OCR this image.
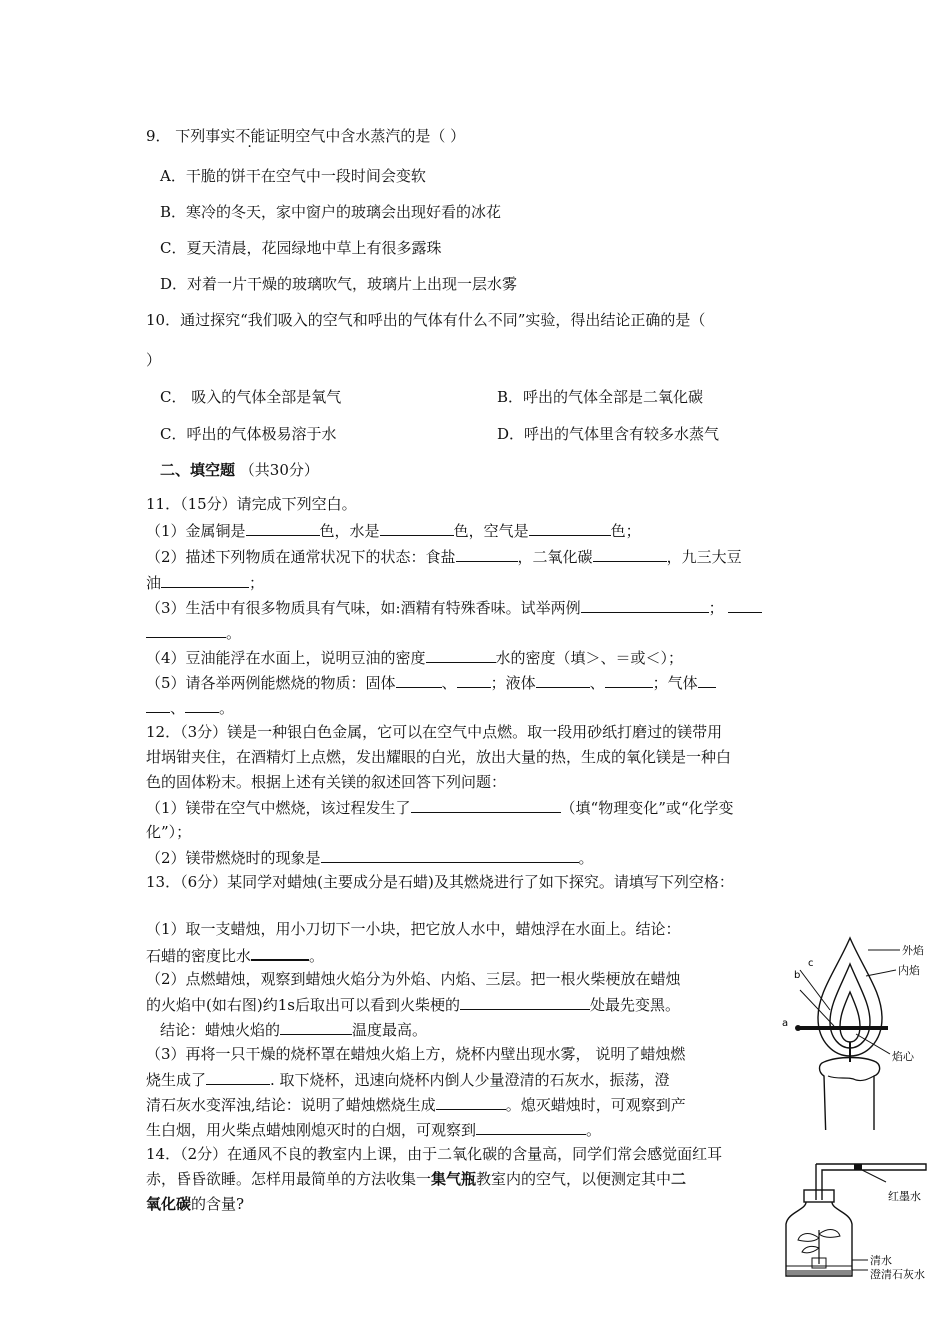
9． 下列事实不能证明空气中含水蒸汽的是（ ）
A．干脆的饼干在空气中一段时间会变软
B．寒冷的冬天，家中窗户的玻璃会出现好看的冰花
C．夏天清晨，花园绿地中草上有很多露珠
D．对着一片干燥的玻璃吹气，玻璃片上出现一层水雾
10．通过探究“我们吸入的空气和呼出的气体有什么不同”实验，得出结论正确的是（
）
C． 吸入的气体全部是氧气	B．呼出的气体全部是二氧化碳
C．呼出的气体极易溶于水	D．呼出的气体里含有较多水蒸气
二、填空题 （共30分）
11．（15分）请完成下列空白。
（1）金属铜是	色，水是	色，空气是	色；
（2）描述下列物质在通常状况下的状态：食盐	，二氧化碳	，九三大豆
油	；
（3）生活中有很多物质具有气味，如:酒精有特殊香味。试举两例	；
。
（4）豆油能浮在水面上，说明豆油的密度	水的密度（填＞、＝或＜）；
（5）请各举两例能燃烧的物质：固体	、 ；液体	、	；气体
、 。
12．（3分）镁是一种银白色金属，它可以在空气中点燃。取一段用砂纸打磨过的镁带用
坩埚钳夹住，在酒精灯上点燃，发出耀眼的白光，放出大量的热，生成的氧化镁是一种白
色的固体粉末。根据上述有关镁的叙述回答下列问题：
（1）镁带在空气中燃烧，该过程发生了	（填“物理变化”或“化学变
化”）；
（2）镁带燃烧时的现象是	。
13．（6分）某同学对蜡烛(主要成分是石蜡)及其燃烧进行了如下探究。请填写下列空格：
（1）取一支蜡烛，用小刀切下一小块，把它放人水中，蜡烛浮在水面上。结论：
石蜡的密度比水	。
（2）点燃蜡烛，观察到蜡烛火焰分为外焰、内焰、三层。把一根火柴梗放在蜡烛
的火焰中(如右图)约1s后取出可以看到火柴梗的	处最先变黑。
结论：蜡烛火焰的	温度最高。
（3）再将一只干燥的烧杯罩在蜡烛火焰上方，烧杯内壁出现水雾， 说明了蜡烛燃
烧生成了	. 取下烧杯，迅速向烧杯内倒人少量澄清的石灰水，振荡，澄
清石灰水变浑浊,结论：说明了蜡烛燃烧生成	。熄灭蜡烛时，可观察到产
生白烟，用火柴点蜡烛刚熄灭时的白烟，可观察到	。
14．（2分）在通风不良的教室内上课，由于二氧化碳的含量高，同学们常会感觉面红耳
赤，昏昏欲睡。怎样用最简单的方法收集一集气瓶教室内的空气，以便测定其中二
氧化碳的含量?
外焰
内焰
焰心
c
b
a
红墨水
清水
澄清石灰水
